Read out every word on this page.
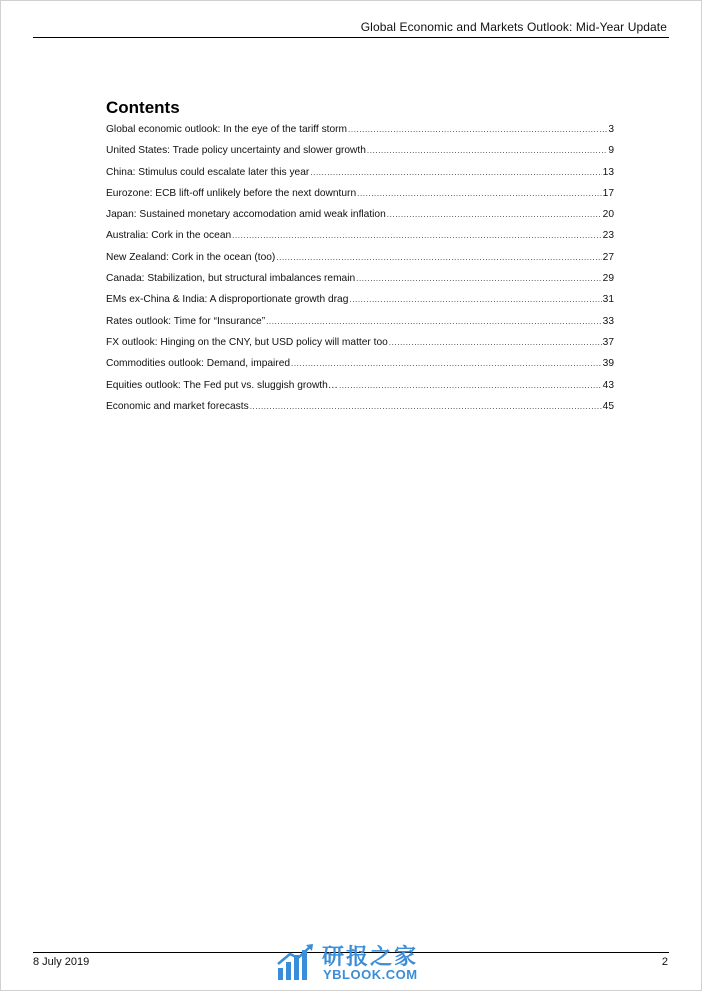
Global Economic and Markets Outlook: Mid-Year Update
Contents
Global economic outlook: In the eye of the tariff storm .....	3
United States: Trade policy uncertainty and slower growth .....	9
China: Stimulus could escalate later this year .....	13
Eurozone: ECB lift-off unlikely before the next downturn .....	17
Japan: Sustained monetary accomodation amid weak inflation .....	20
Australia: Cork in the ocean .....	23
New Zealand: Cork in the ocean (too) .....	27
Canada: Stabilization, but structural imbalances remain .....	29
EMs ex-China & India: A disproportionate growth drag .....	31
Rates outlook: Time for “Insurance” .....	33
FX outlook: Hinging on the CNY, but USD policy will matter too .....	37
Commodities outlook: Demand, impaired .....	39
Equities outlook: The Fed put vs. sluggish growth… .....	43
Economic and market forecasts .....	45
8 July 2019	2
研报之家
YBLOOK.COM
